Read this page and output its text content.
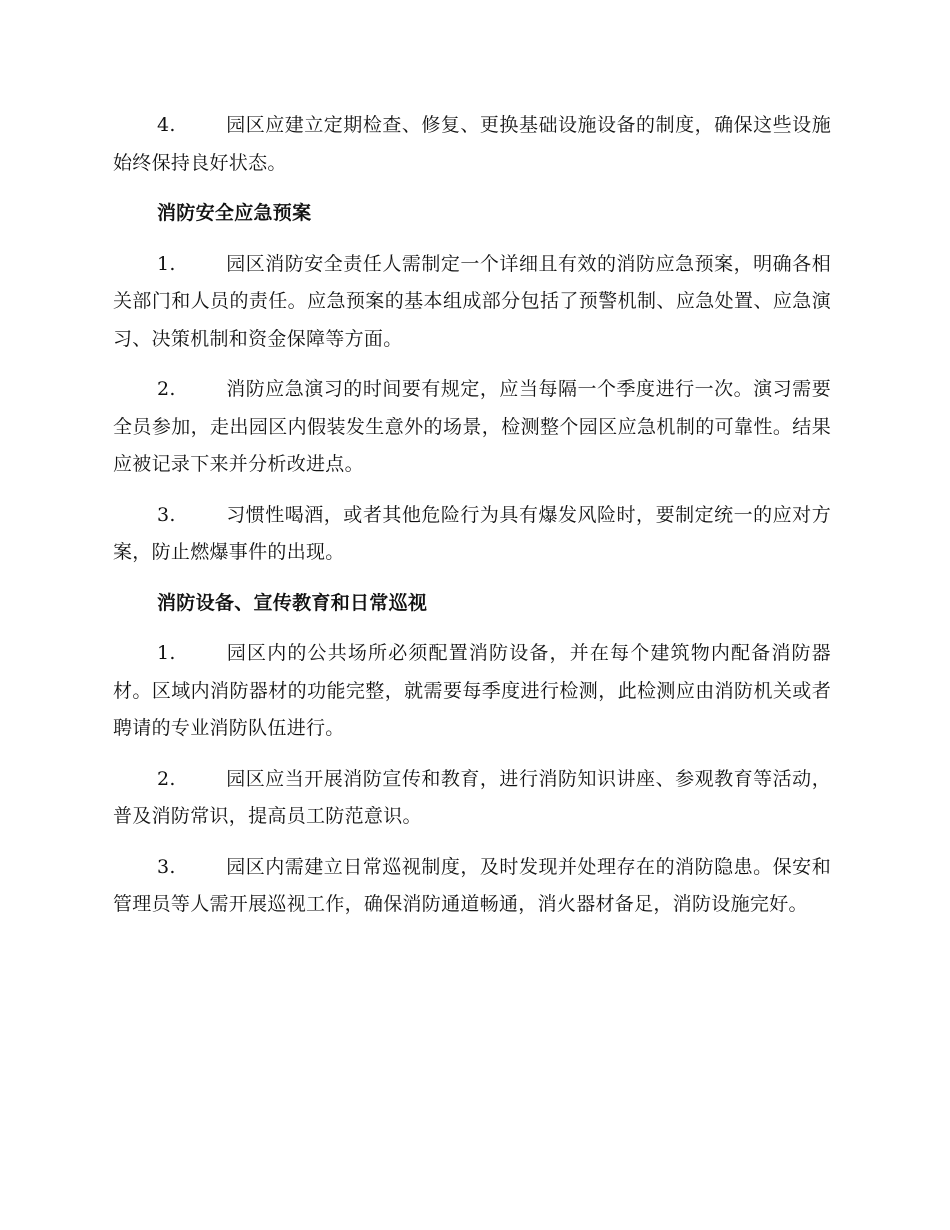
4.	园区应建立定期检查、修复、更换基础设施设备的制度，确保这些设施始终保持良好状态。

消防安全应急预案

1.	园区消防安全责任人需制定一个详细且有效的消防应急预案，明确各相关部门和人员的责任。应急预案的基本组成部分包括了预警机制、应急处置、应急演习、决策机制和资金保障等方面。

2.	消防应急演习的时间要有规定，应当每隔一个季度进行一次。演习需要全员参加，走出园区内假装发生意外的场景，检测整个园区应急机制的可靠性。结果应被记录下来并分析改进点。

3.	习惯性喝酒，或者其他危险行为具有爆发风险时，要制定统一的应对方案，防止燃爆事件的出现。

消防设备、宣传教育和日常巡视

1.	园区内的公共场所必须配置消防设备，并在每个建筑物内配备消防器材。区域内消防器材的功能完整，就需要每季度进行检测，此检测应由消防机关或者聘请的专业消防队伍进行。

2.	园区应当开展消防宣传和教育，进行消防知识讲座、参观教育等活动，普及消防常识，提高员工防范意识。

3.	园区内需建立日常巡视制度，及时发现并处理存在的消防隐患。保安和管理员等人需开展巡视工作，确保消防通道畅通，消火器材备足，消防设施完好。
